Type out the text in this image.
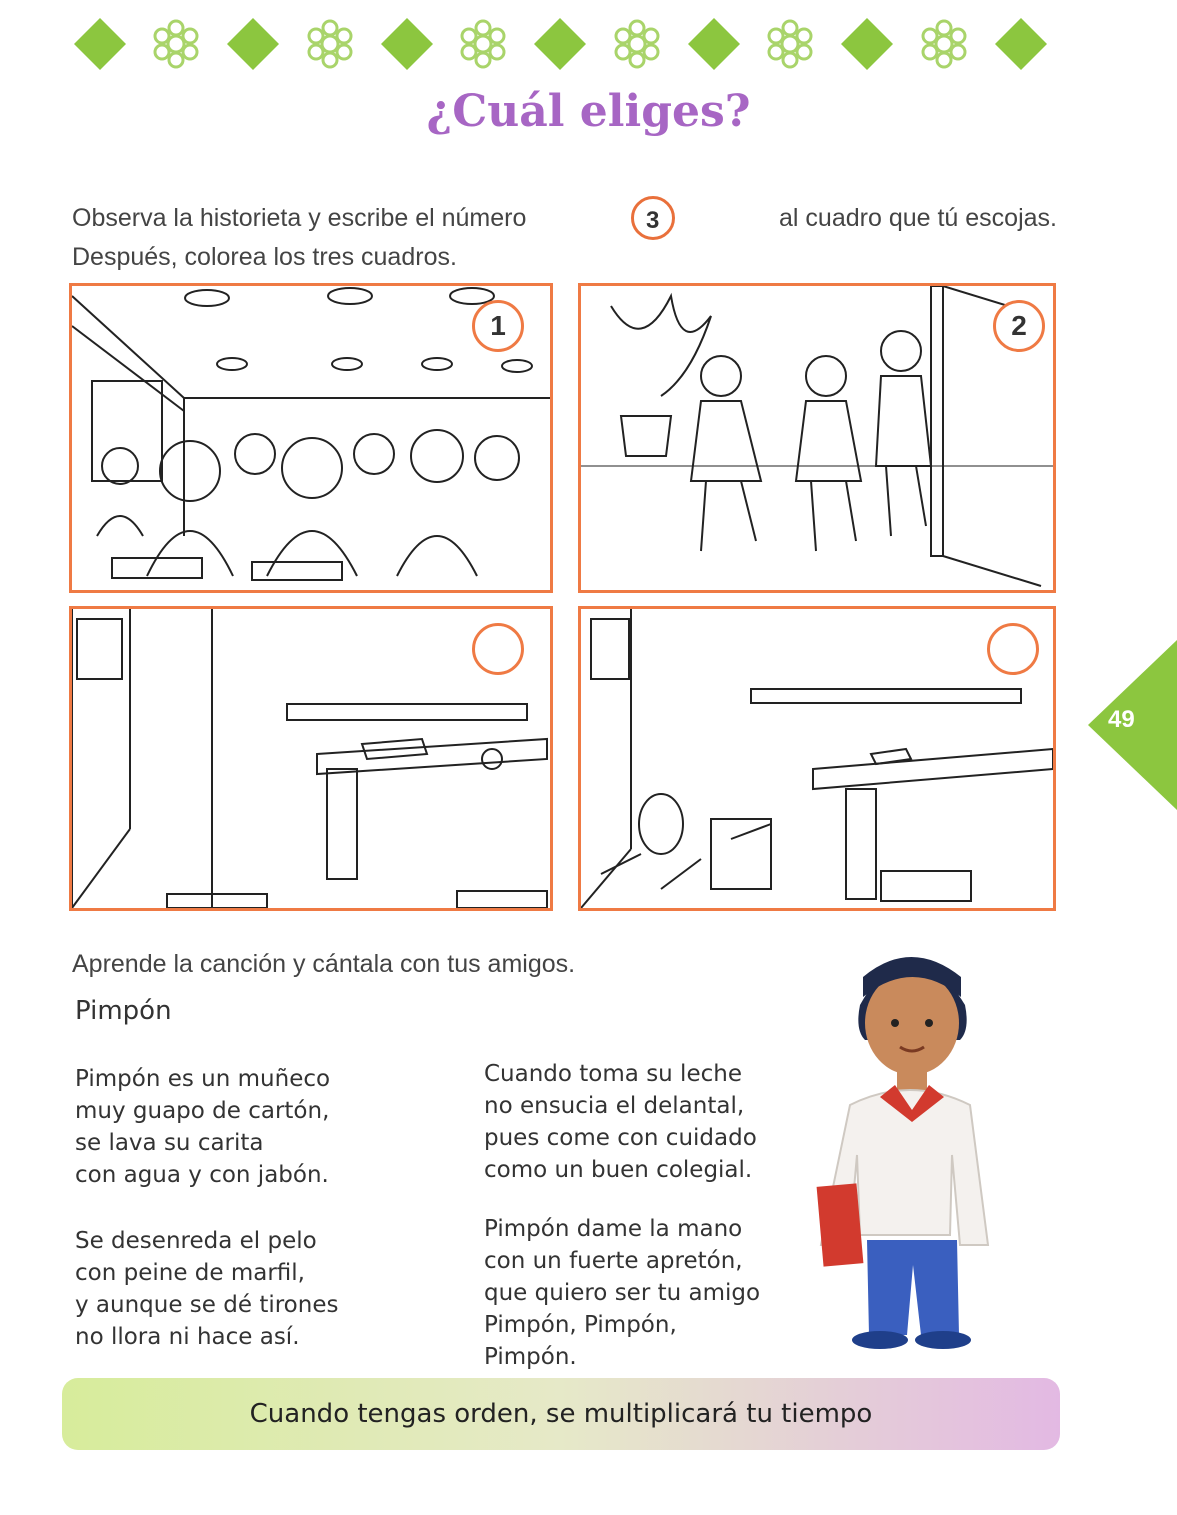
¿Cuál eliges?
Observa la historieta y escribe el número	3	al cuadro que tú escojas.
Después, colorea los tres cuadros.
1	2
49
Aprende la canción y cántala con tus amigos.
Pimpón
Pimpón es un muñeco
muy guapo de cartón,
se lava su carita
con agua y con jabón.
Se desenreda el pelo
con peine de marfil,
y aunque se dé tirones
no llora ni hace así.
Cuando toma su leche
no ensucia el delantal,
pues come con cuidado
como un buen colegial.
Pimpón dame la mano
con un fuerte apretón,
que quiero ser tu amigo
Pimpón, Pimpón,
Pimpón.
Cuando tengas orden, se multiplicará tu tiempo
